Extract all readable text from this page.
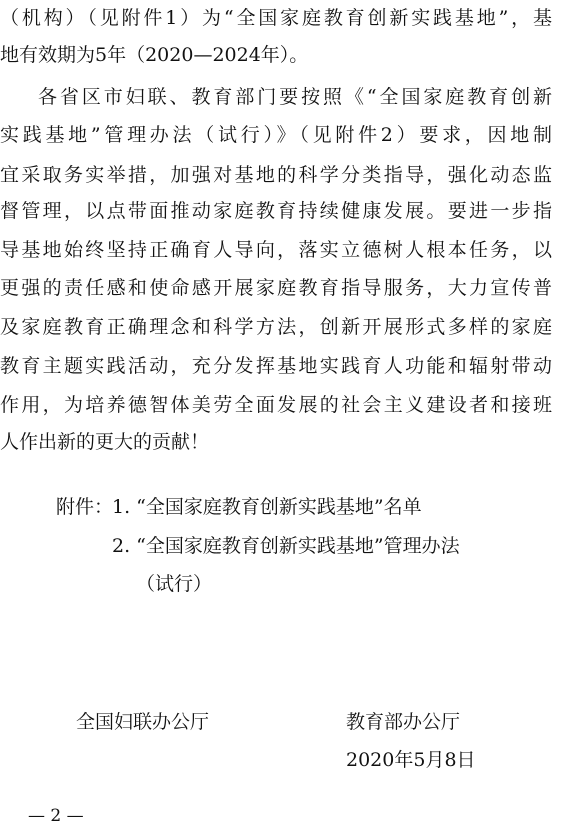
（机构）（见附件1）为“全国家庭教育创新实践基地”，基
地有效期为5年（2020—2024年）。
各省区市妇联、教育部门要按照《“全国家庭教育创新
实践基地”管理办法（试行）》（见附件2）要求，因地制
宜采取务实举措，加强对基地的科学分类指导，强化动态监
督管理，以点带面推动家庭教育持续健康发展。要进一步指
导基地始终坚持正确育人导向，落实立德树人根本任务，以
更强的责任感和使命感开展家庭教育指导服务，大力宣传普
及家庭教育正确理念和科学方法，创新开展形式多样的家庭
教育主题实践活动，充分发挥基地实践育人功能和辐射带动
作用，为培养德智体美劳全面发展的社会主义建设者和接班
人作出新的更大的贡献！
附件：
1. “全国家庭教育创新实践基地”名单
2. “全国家庭教育创新实践基地”管理办法
（试行）
全国妇联办公厅	教育部办公厅
2020年5月8日
— 2 —
